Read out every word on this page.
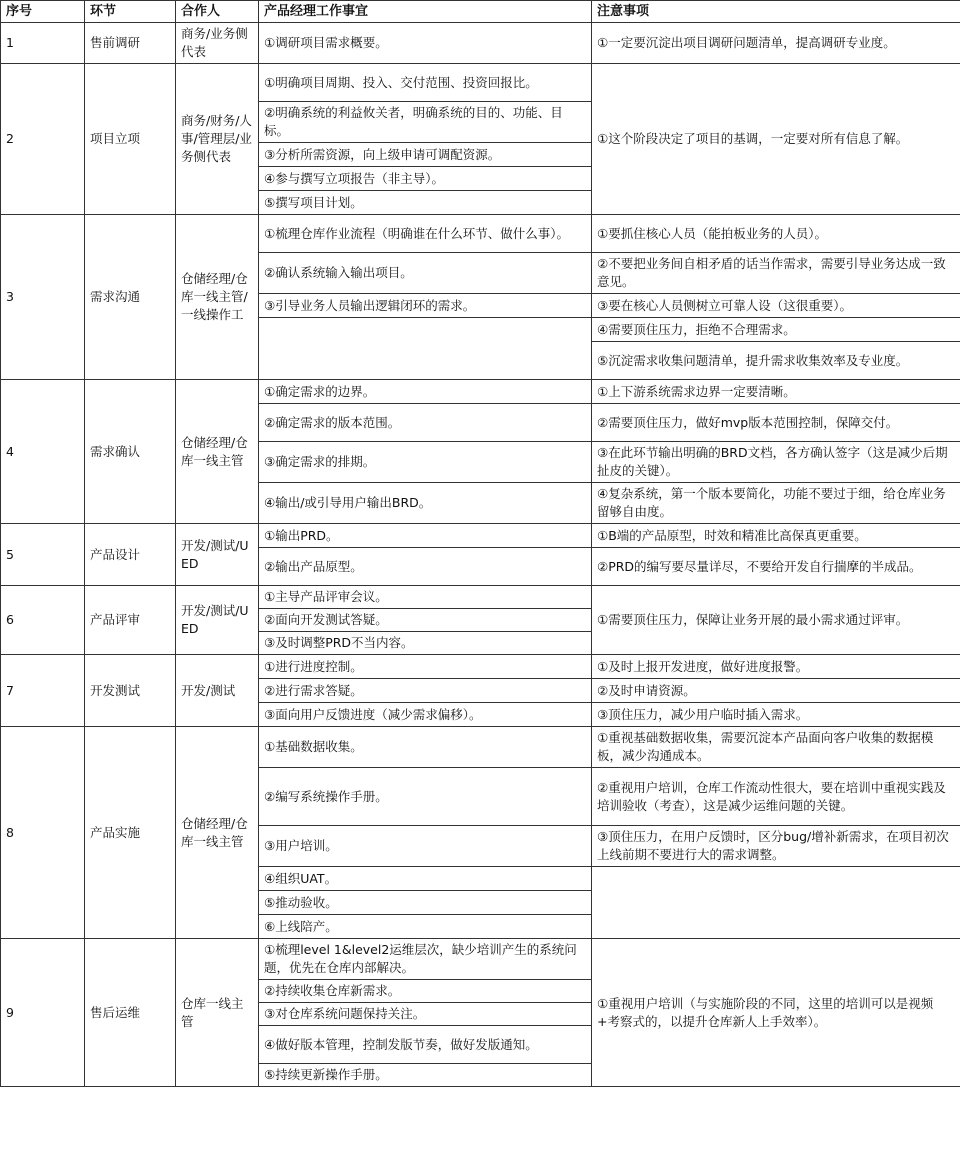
序号	环节	合作人	产品经理工作事宜	注意事项
1	售前调研	商务/业务侧代表	①调研项目需求概要。	①一定要沉淀出项目调研问题清单，提高调研专业度。
2	项目立项	商务/财务/人事/管理层/业务侧代表	①明确项目周期、投入、交付范围、投资回报比。	①这个阶段决定了项目的基调，一定要对所有信息了解。
			②明确系统的利益攸关者，明确系统的目的、功能、目标。	
			③分析所需资源，向上级申请可调配资源。	
			④参与撰写立项报告（非主导）。	
			⑤撰写项目计划。	
3	需求沟通	仓储经理/仓库一线主管/一线操作工	①梳理仓库作业流程（明确谁在什么环节、做什么事）。	①要抓住核心人员（能拍板业务的人员）。
			②确认系统输入输出项目。	②不要把业务间自相矛盾的话当作需求，需要引导业务达成一致意见。
			③引导业务人员输出逻辑闭环的需求。	③要在核心人员侧树立可靠人设（这很重要）。
				④需要顶住压力，拒绝不合理需求。
				⑤沉淀需求收集问题清单，提升需求收集效率及专业度。
4	需求确认	仓储经理/仓库一线主管	①确定需求的边界。	①上下游系统需求边界一定要清晰。
			②确定需求的版本范围。	②需要顶住压力，做好mvp版本范围控制，保障交付。
			③确定需求的排期。	③在此环节输出明确的BRD文档，各方确认签字（这是减少后期扯皮的关键）。
			④输出/或引导用户输出BRD。	④复杂系统，第一个版本要简化，功能不要过于细，给仓库业务留够自由度。
5	产品设计	开发/测试/UED	①输出PRD。	①B端的产品原型，时效和精准比高保真更重要。
			②输出产品原型。	②PRD的编写要尽量详尽，不要给开发自行揣摩的半成品。
6	产品评审	开发/测试/UED	①主导产品评审会议。	①需要顶住压力，保障让业务开展的最小需求通过评审。
			②面向开发测试答疑。	
			③及时调整PRD不当内容。	
7	开发测试	开发/测试	①进行进度控制。	①及时上报开发进度，做好进度报警。
			②进行需求答疑。	②及时申请资源。
			③面向用户反馈进度（减少需求偏移）。	③顶住压力，减少用户临时插入需求。
8	产品实施	仓储经理/仓库一线主管	①基础数据收集。	①重视基础数据收集，需要沉淀本产品面向客户收集的数据模板，减少沟通成本。
			②编写系统操作手册。	②重视用户培训，仓库工作流动性很大，要在培训中重视实践及培训验收（考查），这是减少运维问题的关键。
			③用户培训。	③顶住压力，在用户反馈时，区分bug/增补新需求，在项目初次上线前期不要进行大的需求调整。
			④组织UAT。	
			⑤推动验收。	
			⑥上线陪产。	
9	售后运维	仓库一线主管	①梳理level 1&level2运维层次，缺少培训产生的系统问题，优先在仓库内部解决。	①重视用户培训（与实施阶段的不同，这里的培训可以是视频+考察式的，以提升仓库新人上手效率）。
			②持续收集仓库新需求。	
			③对仓库系统问题保持关注。	
			④做好版本管理，控制发版节奏，做好发版通知。	
			⑤持续更新操作手册。	
